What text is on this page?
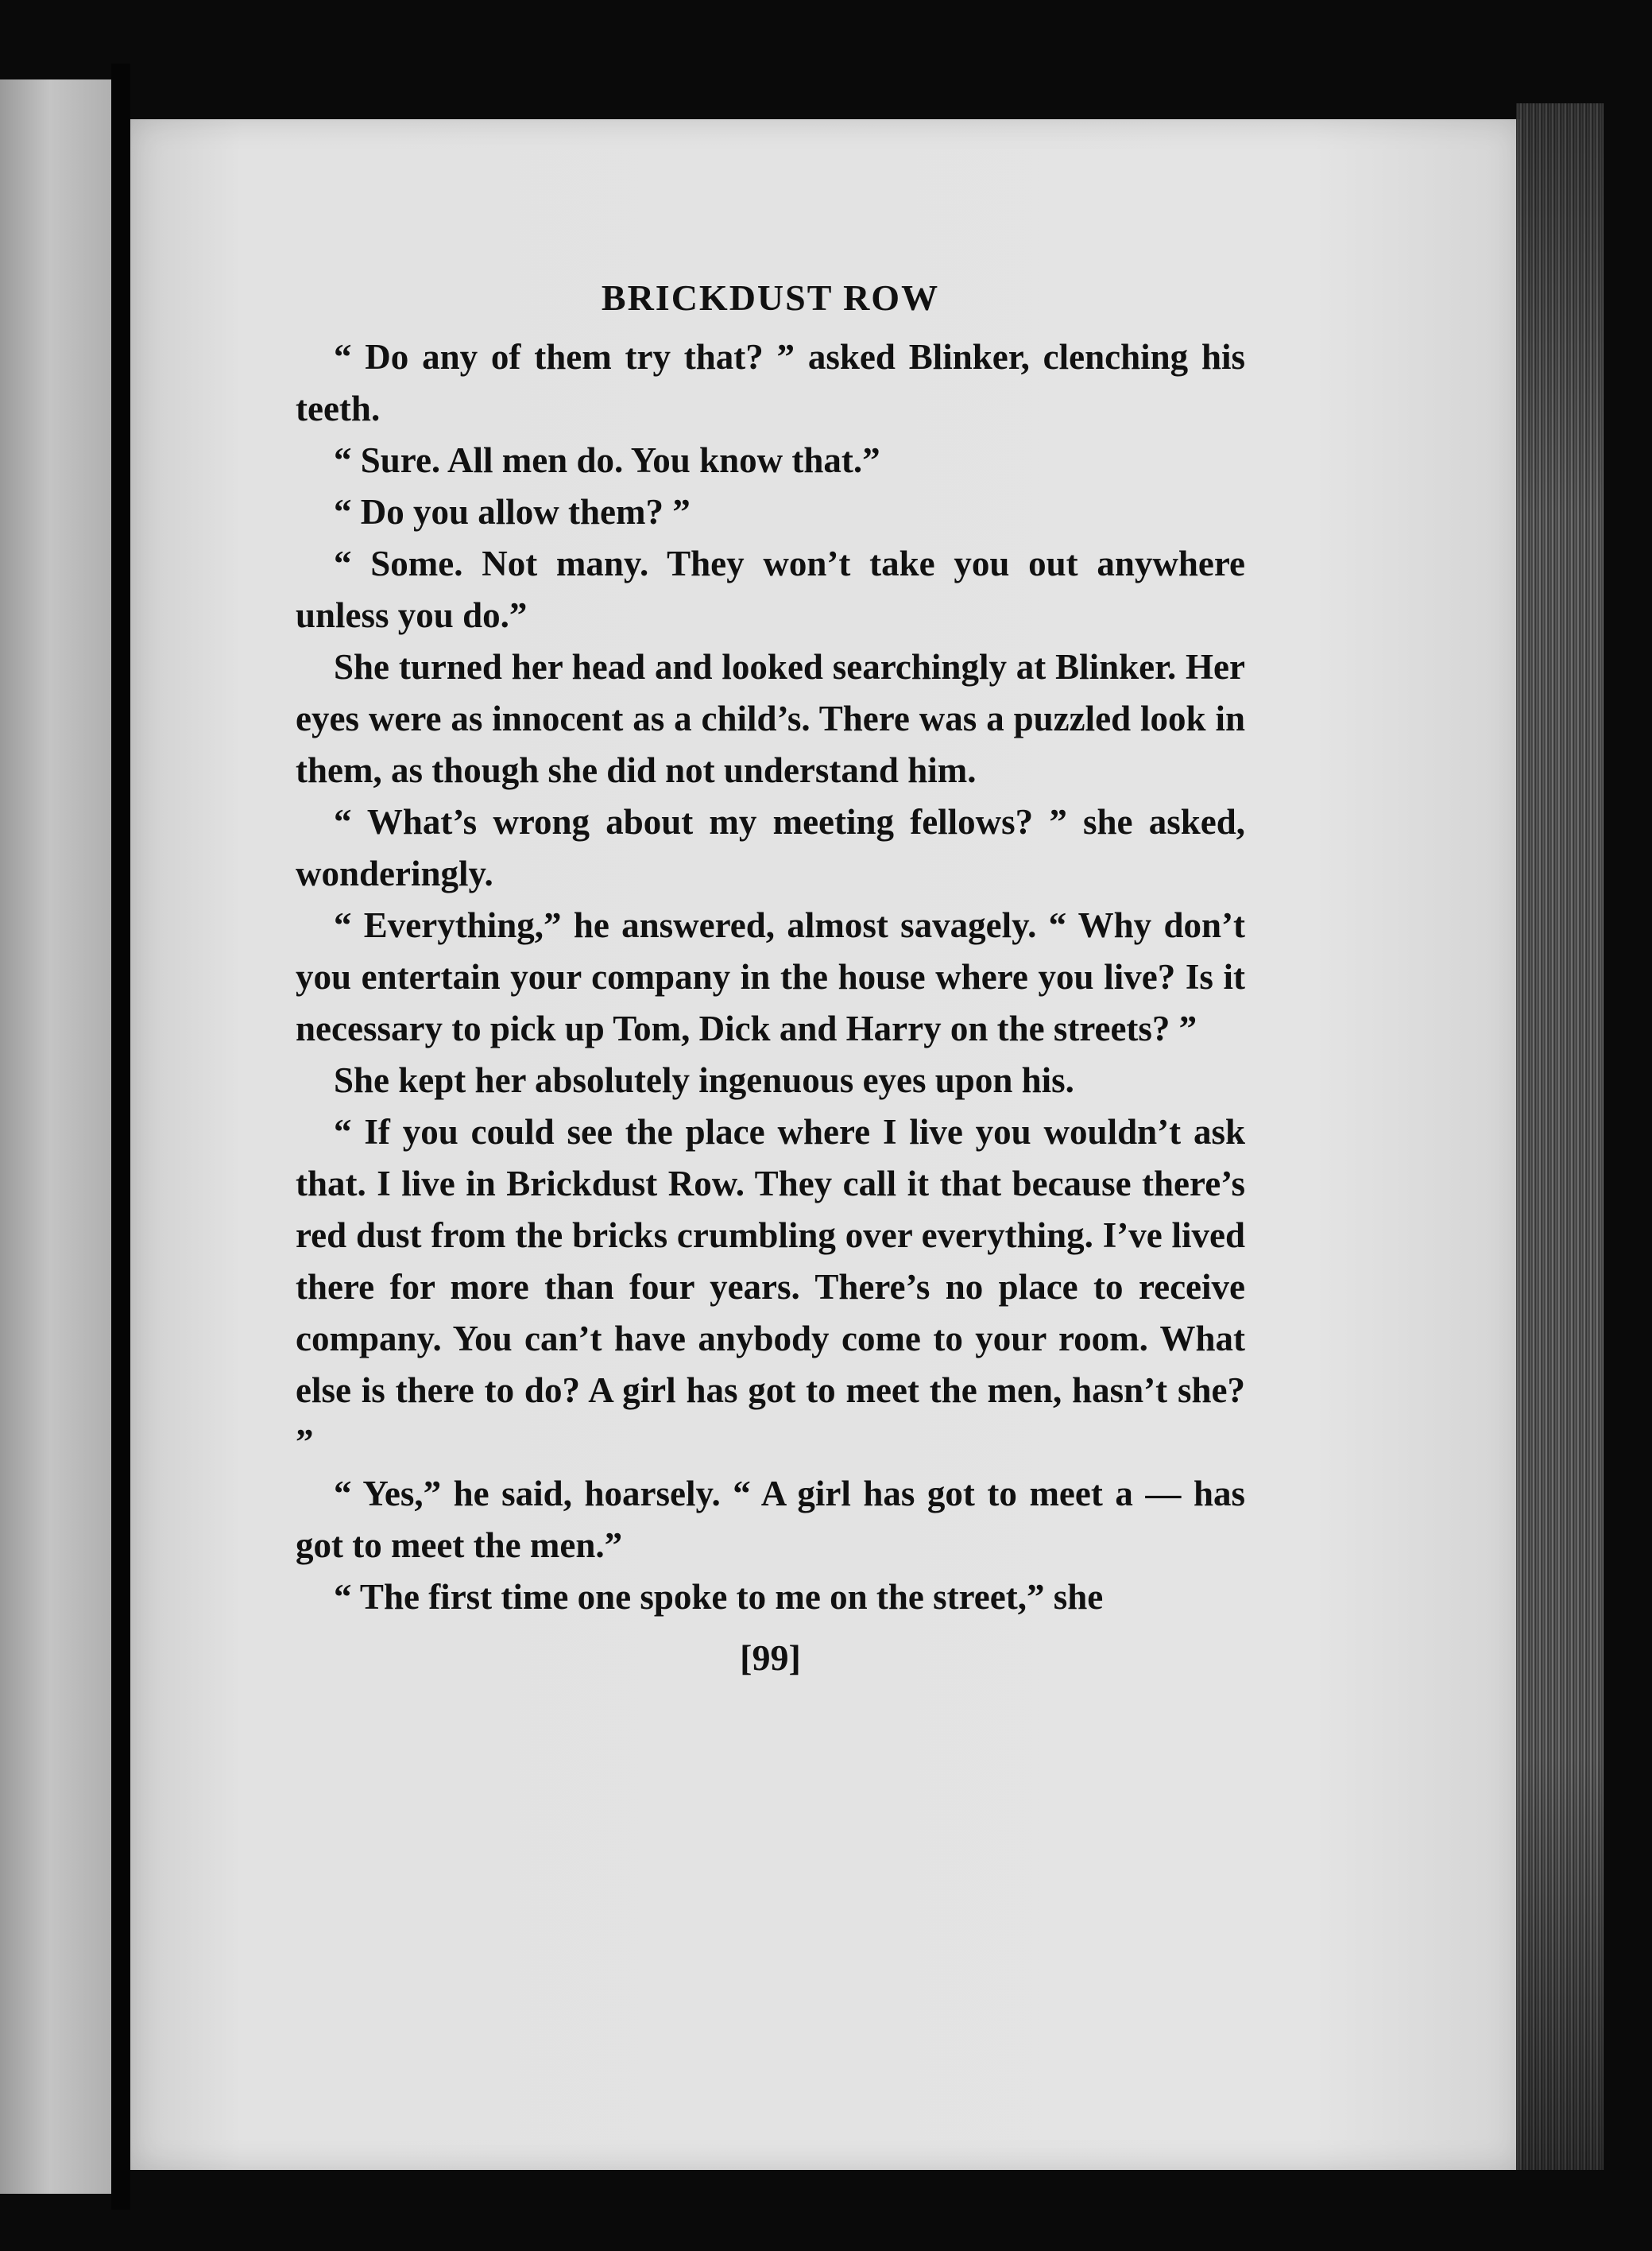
BRICKDUST ROW

“ Do any of them try that? ” asked Blinker, clenching his teeth.

“ Sure. All men do. You know that.”

“ Do you allow them? ”

“ Some. Not many. They won’t take you out anywhere unless you do.”

She turned her head and looked searchingly at Blinker. Her eyes were as innocent as a child’s. There was a puzzled look in them, as though she did not understand him.

“ What’s wrong about my meeting fellows? ” she asked, wonderingly.

“ Everything,” he answered, almost savagely. “ Why don’t you entertain your company in the house where you live? Is it necessary to pick up Tom, Dick and Harry on the streets? ”

She kept her absolutely ingenuous eyes upon his.

“ If you could see the place where I live you wouldn’t ask that. I live in Brickdust Row. They call it that because there’s red dust from the bricks crumbling over everything. I’ve lived there for more than four years. There’s no place to receive company. You can’t have anybody come to your room. What else is there to do? A girl has got to meet the men, hasn’t she? ”

“ Yes,” he said, hoarsely. “ A girl has got to meet a — has got to meet the men.”

“ The first time one spoke to me on the street,” she

[99]
